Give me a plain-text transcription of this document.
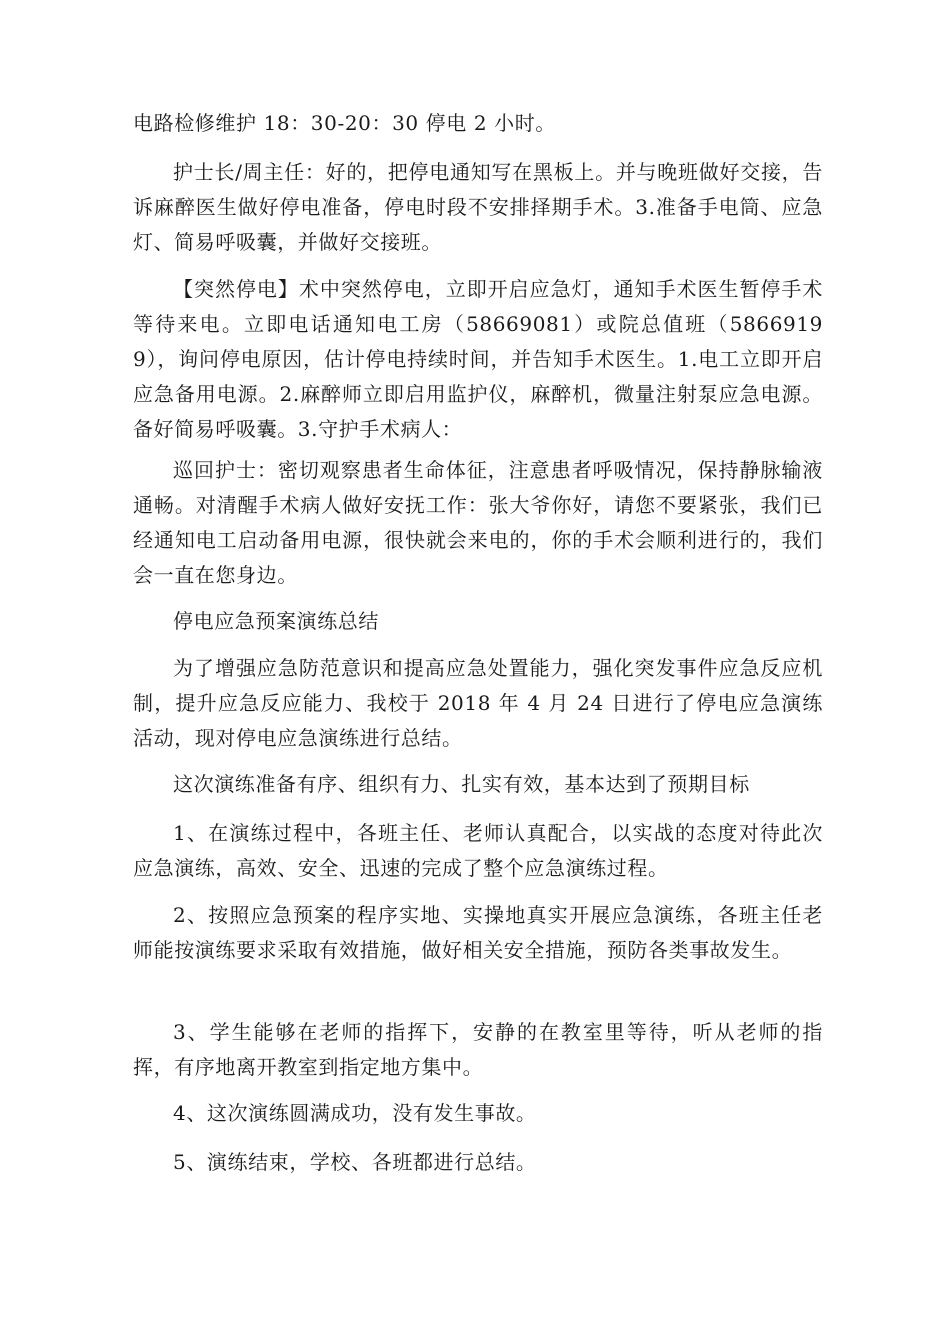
电路检修维护 18：30-20：30 停电 2 小时。

护士长/周主任：好的，把停电通知写在黑板上。并与晚班做好交接，告诉麻醉医生做好停电准备，停电时段不安排择期手术。3.准备手电筒、应急灯、简易呼吸囊，并做好交接班。

【突然停电】术中突然停电，立即开启应急灯，通知手术医生暂停手术等待来电。立即电话通知电工房（58669081）或院总值班（58669199），询问停电原因，估计停电持续时间，并告知手术医生。1.电工立即开启应急备用电源。2.麻醉师立即启用监护仪，麻醉机，微量注射泵应急电源。备好简易呼吸囊。3.守护手术病人：

巡回护士：密切观察患者生命体征，注意患者呼吸情况，保持静脉输液通畅。对清醒手术病人做好安抚工作：张大爷你好，请您不要紧张，我们已经通知电工启动备用电源，很快就会来电的，你的手术会顺利进行的，我们会一直在您身边。

停电应急预案演练总结

为了增强应急防范意识和提高应急处置能力，强化突发事件应急反应机制，提升应急反应能力、我校于 2018 年 4 月 24 日进行了停电应急演练活动，现对停电应急演练进行总结。

这次演练准备有序、组织有力、扎实有效，基本达到了预期目标

1、在演练过程中，各班主任、老师认真配合，以实战的态度对待此次应急演练，高效、安全、迅速的完成了整个应急演练过程。

2、按照应急预案的程序实地、实操地真实开展应急演练，各班主任老师能按演练要求采取有效措施，做好相关安全措施，预防各类事故发生。

3、学生能够在老师的指挥下，安静的在教室里等待，听从老师的指挥，有序地离开教室到指定地方集中。

4、这次演练圆满成功，没有发生事故。

5、演练结束，学校、各班都进行总结。
